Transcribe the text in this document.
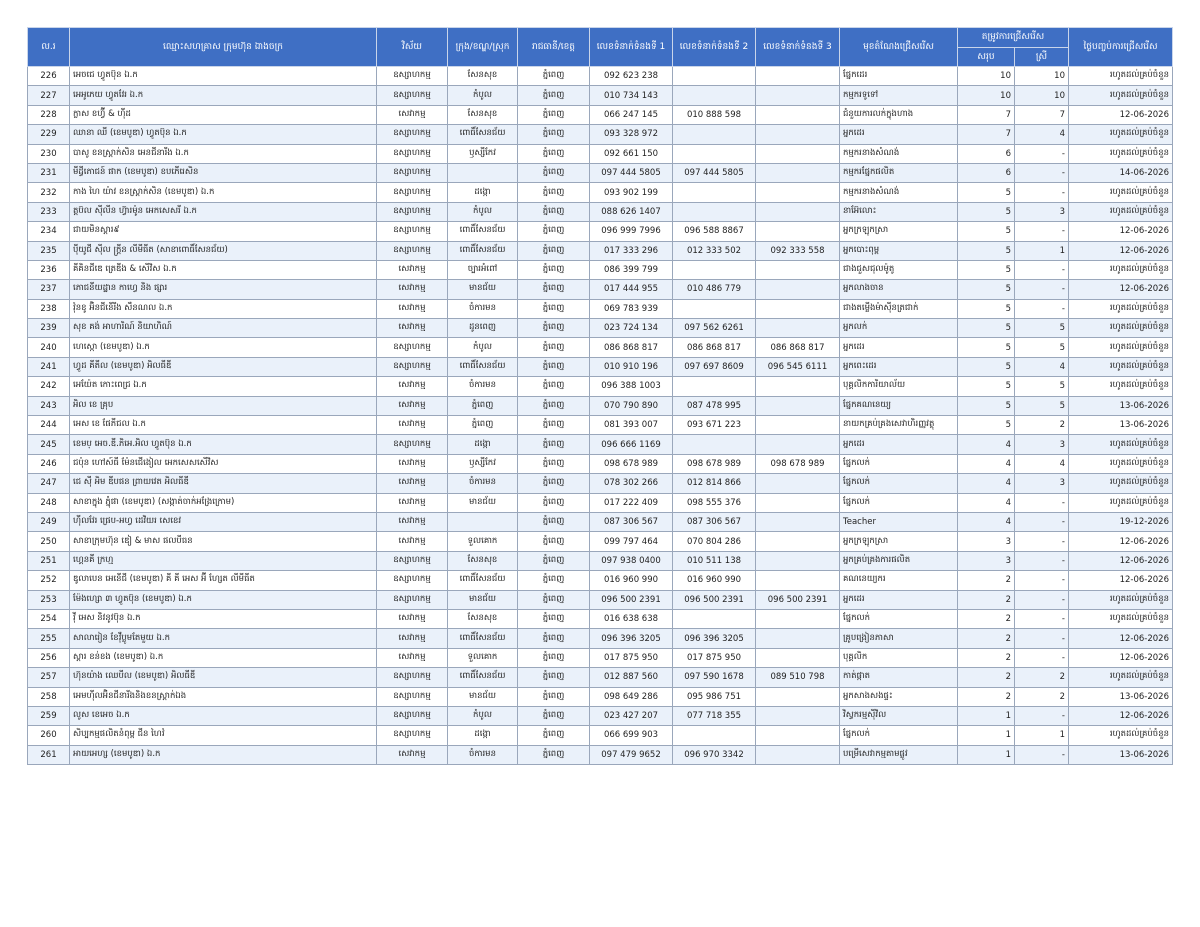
ល.រ	ឈ្មោះសហគ្រាស ក្រុមហ៊ុន ឯាងចក្រ	វិស័យ	ក្រុង/ខណ្ឌ/ស្រុក	រាជធានី/ខេត្ត	លេខទំនាក់ទំនងទី 1	លេខទំនាក់ទំនងទី 2	លេខទំនាក់ទំនងទី 3	មុខតំណែងជ្រើសរើស	តម្រូវការជ្រើសរើស		ថ្ងៃបញ្ចប់ការជ្រើសរើស
									សរុប	ស្រី	
226	អេចជេ ហ្វូតប៊ុន ឯ.ក	ឧស្សាហកម្ម	សែនសុខ	ភ្នំពេញ	092 623 238			ផ្នែកដេរ	10	10	រហូតដល់គ្រប់ចំនួន
227	អេអូភេយ ហ្វូតវែរ ឯ.ក	ឧស្សាហកម្ម	កំបូល	ភ្នំពេញ	010 734 143			កម្មករទូទៅ	10	10	រហូតដល់គ្រប់ចំនួន
228	ក្លាស ខហ្វ៊ី & ហ៊ីដ	សេវាកម្ម	សែនសុខ	ភ្នំពេញ	066 247 145	010 888 598		ជំនួយការលក់ក្នុងហាង	7	7	12-06-2026
229	ឈានា ឈី (ខេមបូឌា) ហ្វូតប៊ុន ឯ.ក	ឧស្សាហកម្ម	ពោធិ៍សែនជ័យ	ភ្នំពេញ	093 328 972			អ្នកដេរ	7	4	រហូតដល់គ្រប់ចំនួន
230	បាសូ ខនស្ត្រាក់សិន អេនជីនារីង ឯ.ក	ឧស្សាហកម្ម	ឫស្សីកែវ	ភ្នំពេញ	092 661 150			កម្មករនាងសំណង់	6	-	រហូតដល់គ្រប់ចំនួន
231	មីដ្វីភោជន៍ ផាក (ខេមបូឌា) ខបភើរេសិន	ឧស្សាហកម្ម		ភ្នំពេញ	097 444 5805	097 444 5805		កម្មករផ្នែកផលិត	6	-	14-06-2026
232	កាង ហៃ យ៉ាវ ខនស្ត្រាក់សិន (ខេមបូឌា) ឯ.ក	ឧស្សាហកម្ម	ដង្កោ	ភ្នំពេញ	093 902 199			កម្មករនាងសំណង់	5	-	រហូតដល់គ្រប់ចំនួន
233	ត្តប៊ល ស៊ីលីន ហ្វ៊ារម៉ូន អេកសេសរី ឯ.ក	ឧស្សាហកម្ម	កំបូល	ភ្នំពេញ	088 626 1407			នាអ៊ែលោះ	5	3	រហូតដល់គ្រប់ចំនួន
234	ជាយមិនស្តារ៩	ឧស្សាហកម្ម	ពោធិ៍សែនជ័យ	ភ្នំពេញ	096 999 7996	096 588 8867		អ្នកក្រឡុកស្រា	5	-	12-06-2026
235	ប៉ីយូជី ស៊ីល ក្រ្តីន លីមីធីត (សាខាពោធិ៍សែនជ័យ)	ឧស្សាហកម្ម	ពោធិ៍សែនជ័យ	ភ្នំពេញ	017 333 296	012 333 502	092 333 558	អ្នកបោះពុម្ព	5	1	12-06-2026
236	គីគិនជីឌេ ត្រេឌីង & សើវិស ឯ.ក	សេវាកម្ម	ច្បារអំពៅ	ភ្នំពេញ	086 399 799			ជាងជួសជុលម៉ូតូ	5	-	រហូតដល់គ្រប់ចំនួន
237	ភោជនីយដ្ឋាន កាហ្វេ និង ផ្សារ	សេវាកម្ម	មានជ័យ	ភ្នំពេញ	017 444 955	010 486 779		អ្នកលាងចាន	5	-	12-06-2026
238	វ៉ុនខូ អ៊ិនជីនើរីង សឹនណល ឯ.ក	សេវាកម្ម	ចំការមន	ភ្នំពេញ	069 783 939			ជាងតម្លើងម៉ាស៊ីនត្រជាក់	5	-	រហូតដល់គ្រប់ចំនួន
239	សុខ គង់ អាហារិណ៍ និយាហិណ៍	សេវាកម្ម	ដូនពេញ	ភ្នំពេញ	023 724 134	097 562 6261		អ្នកលក់	5	5	រហូតដល់គ្រប់ចំនួន
240	ហេស្កោ (ខេមបូឌា) ឯ.ក	ឧស្សាហកម្ម	កំបូល	ភ្នំពេញ	086 868 817	086 868 817	086 868 817	អ្នកដេរ	5	5	រហូតដល់គ្រប់ចំនួន
241	ហ្វូដ គីតីល (ខេមបូឌា) អិលធីឌី	ឧស្សាហកម្ម	ពោធិ៍សែនជ័យ	ភ្នំពេញ	010 910 196	097 697 8609	096 545 6111	អ្នកពេះដេរ	5	4	រហូតដល់គ្រប់ចំនួន
242	អេយ៉ែត កោះពេជ្រ ឯ.ក	សេវាកម្ម	ចំការមន	ភ្នំពេញ	096 388 1003			បុគ្គលិកការិយាល័យ	5	5	រហូតដល់គ្រប់ចំនួន
243	អិល ខេ គ្រុប	សេវាកម្ម	ភ្នំពេញ	ភ្នំពេញ	070 790 890	087 478 995		ផ្នែកគណនេយ្យ	5	5	13-06-2026
244	អេស ខេ ផែភីជល ឯ.ក	សេវាកម្ម	ភ្នំពេញ	ភ្នំពេញ	081 393 007	093 671 223		នាយកគ្រប់គ្រងសេវាហិរញ្ញវត្ថុ	5	2	13-06-2026
245	ខេមប្ អេច.ឌី.ភិអេ.អិល ហ្វូតប៊ុន ឯ.ក	ឧស្សាហកម្ម	ដង្កោ	ភ្នំពេញ	096 666 1169			អ្នកដេរ	4	3	រហូតដល់គ្រប់ចំនួន
246	ជប៉ុន ហៅស៍ធី ម៉ែនជើងៀល អេកសេសសើវិស	សេវាកម្ម	ឫស្សីកែវ	ភ្នំពេញ	098 678 989	098 678 989	098 678 989	ផ្នែកលក់	4	4	រហូតដល់គ្រប់ចំនួន
247	ជេ ស៊ី អិម ឌីបផន ព្រាយវេត អិលធីឌី	សេវាកម្ម	ចំការមន	ភ្នំពេញ	078 302 266	012 814 866		ផ្នែកលក់	4	3	រហូតដល់គ្រប់ចំនួន
248	សាខាក្នុង ភ្នុំផា (ខេមបូឌា) (សង្កាត់ចាក់អង្រែក្រោម)	សេវាកម្ម	មានជ័យ	ភ្នំពេញ	017 222 409	098 555 376		ផ្នែកលក់	4	-	រហូតដល់គ្រប់ចំនួន
249	ហ៊ីលវែរ ផ្រេប-អហ្វ ដេវិយរ សេខេវ	សេវាកម្ម		ភ្នំពេញ	087 306 567	087 306 567		Teacher	4	-	19-12-2026
250	សាខាក្រុមហ៊ុន ឌៀ & មាស ផលបីធន	សេវាកម្ម	ទួលគោក	ភ្នំពេញ	099 797 464	070 804 286		អ្នកក្រឡុកស្រា	3	-	12-06-2026
251	ហ្គេនគី ក្រហ្ម	ឧស្សាហកម្ម	សែនសុខ	ភ្នំពេញ	097 938 0400	010 511 138		អ្នកគ្រប់គ្រងការផលិត	3	-	12-06-2026
252	ឌូលាបេន អេនើជី (ខេមបូឌា) គី គី អេស អ៊ី ហ្សែត លីមីធីត	ឧស្សាហកម្ម	ពោធិ៍សែនជ័យ	ភ្នំពេញ	016 960 990	016 960 990		គណនេយ្យករ	2	-	12-06-2026
253	ម៉ែងហ្សោ ៣ ហ្វូតប៊ុន (ខេមបូឌា) ឯ.ក	ឧស្សាហកម្ម	មានជ័យ	ភ្នំពេញ	096 500 2391	096 500 2391	096 500 2391	អ្នកដេរ	2	-	រហូតដល់គ្រប់ចំនួន
254	វ៉ី អេស និវនូវប៊ុន ឯ.ក	សេវាកម្ម	សែនសុខ	ភ្នំពេញ	016 638 638			ផ្នែកលក់	2	-	រហូតដល់គ្រប់ចំនួន
255	សាលារៀន ខែវ៉ឺប្លូមតែមួយ ឯ.ក	សេវាកម្ម	ពោធិ៍សែនជ័យ	ភ្នំពេញ	096 396 3205	096 396 3205		គ្រូបង្រៀនភាសា	2	-	12-06-2026
256	ស្តារ ខន់ខង (ខេមបូឌា) ឯ.ក	សេវាកម្ម	ទួលគោក	ភ្នំពេញ	017 875 950	017 875 950		បុគ្គលិក	2	-	12-06-2026
257	ហ៊ុនយ៉ាង ឈេបីល (ខេមបូឌា) អិលធីឌី	ឧស្សាហកម្ម	ពោធិ៍សែនជ័យ	ភ្នំពេញ	012 887 560	097 590 1678	089 510 798	កាត់ផ្កាត	2	2	រហូតដល់គ្រប់ចំនួន
258	អេមហ៊ីលអ៊ិនជីនារីងនិងខនស្ត្រាក់ឯង	ឧស្សាហកម្ម	មានជ័យ	ភ្នំពេញ	098 649 286	095 986 751		អ្នកសាងសងផ្ទះ	2	2	13-06-2026
259	លូស ខេអេច ឯ.ក	ឧស្សាហកម្ម	កំបូល	ភ្នំពេញ	023 427 207	077 718 355		វិស្វករម្មស៊ីវិល	1	-	12-06-2026
260	សិប្បកម្មផលិតនំពុម្ព ជីន ហៃវ៉	ឧស្សាហកម្ម	ដង្កោ	ភ្នំពេញ	066 699 903			ផ្នែកលក់	1	1	រហូតដល់គ្រប់ចំនួន
261	អាយអេហ្ស (ខេមបូឌា) ឯ.ក	សេវាកម្ម	ចំការមន	ភ្នំពេញ	097 479 9652	096 970 3342		បម្រើសេវាកម្មតាមផ្លូវ	1	-	13-06-2026
